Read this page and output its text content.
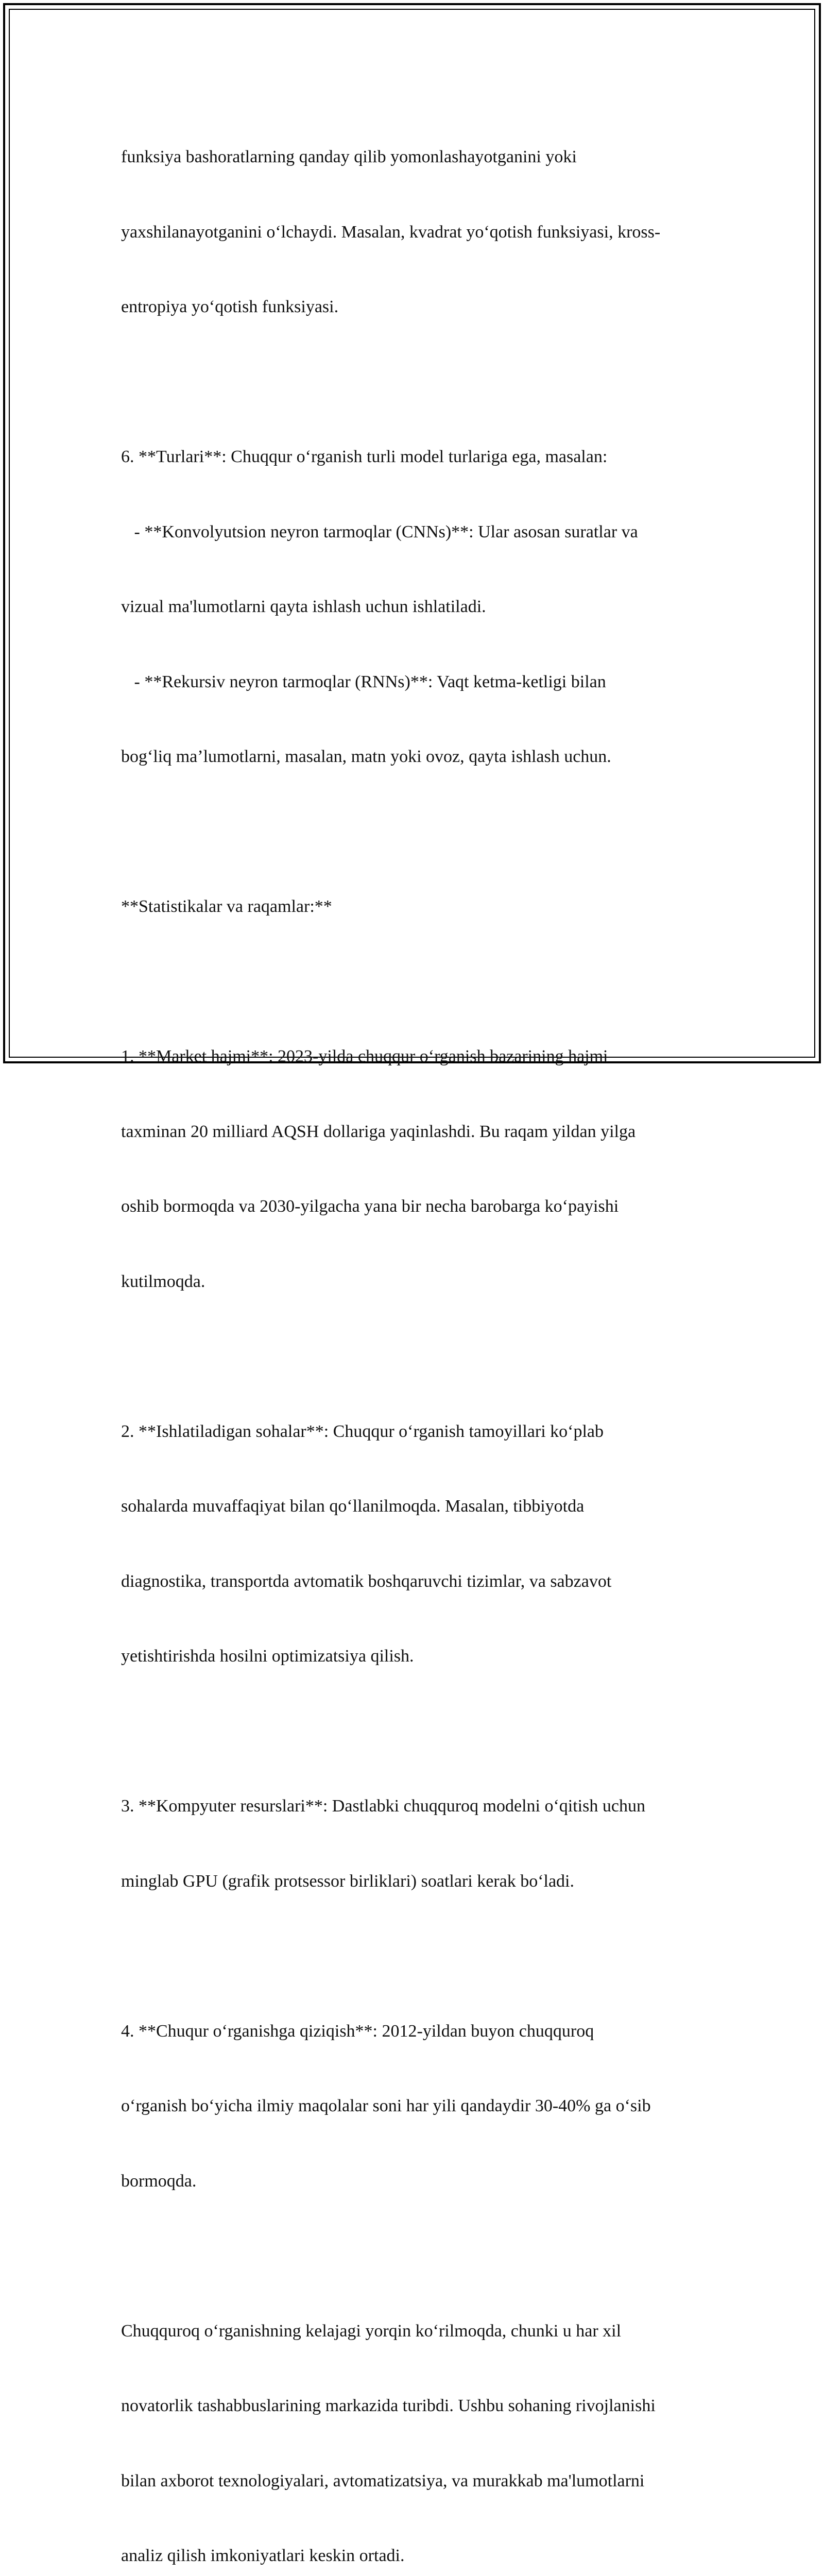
funksiya bashoratlarning qanday qilib yomonlashayotganini yoki

yaxshilanayotganini o‘lchaydi. Masalan, kvadrat yo‘qotish funksiyasi, kross-

entropiya yo‘qotish funksiyasi.

6. **Turlari**: Chuqqur o‘rganish turli model turlariga ega, masalan:

- **Konvolyutsion neyron tarmoqlar (CNNs)**: Ular asosan suratlar va

vizual ma'lumotlarni qayta ishlash uchun ishlatiladi.

- **Rekursiv neyron tarmoqlar (RNNs)**: Vaqt ketma-ketligi bilan

bog‘liq ma’lumotlarni, masalan, matn yoki ovoz, qayta ishlash uchun.

**Statistikalar va raqamlar:**

1. **Market hajmi**: 2023-yilda chuqqur o‘rganish bazarining hajmi

taxminan 20 milliard AQSH dollariga yaqinlashdi. Bu raqam yildan yilga

oshib bormoqda va 2030-yilgacha yana bir necha barobarga ko‘payishi

kutilmoqda.

2. **Ishlatiladigan sohalar**: Chuqqur o‘rganish tamoyillari ko‘plab

sohalarda muvaffaqiyat bilan qo‘llanilmoqda. Masalan, tibbiyotda

diagnostika, transportda avtomatik boshqaruvchi tizimlar, va sabzavot

yetishtirishda hosilni optimizatsiya qilish.

3. **Kompyuter resurslari**: Dastlabki chuqquroq modelni o‘qitish uchun

minglab GPU (grafik protsessor birliklari) soatlari kerak bo‘ladi.

4. **Chuqur o‘rganishga qiziqish**: 2012-yildan buyon chuqquroq

o‘rganish bo‘yicha ilmiy maqolalar soni har yili qandaydir 30-40% ga o‘sib

bormoqda.

Chuqquroq o‘rganishning kelajagi yorqin ko‘rilmoqda, chunki u har xil

novatorlik tashabbuslarining markazida turibdi. Ushbu sohaning rivojlanishi

bilan axborot texnologiyalari, avtomatizatsiya, va murakkab ma'lumotlarni

analiz qilish imkoniyatlari keskin ortadi.
